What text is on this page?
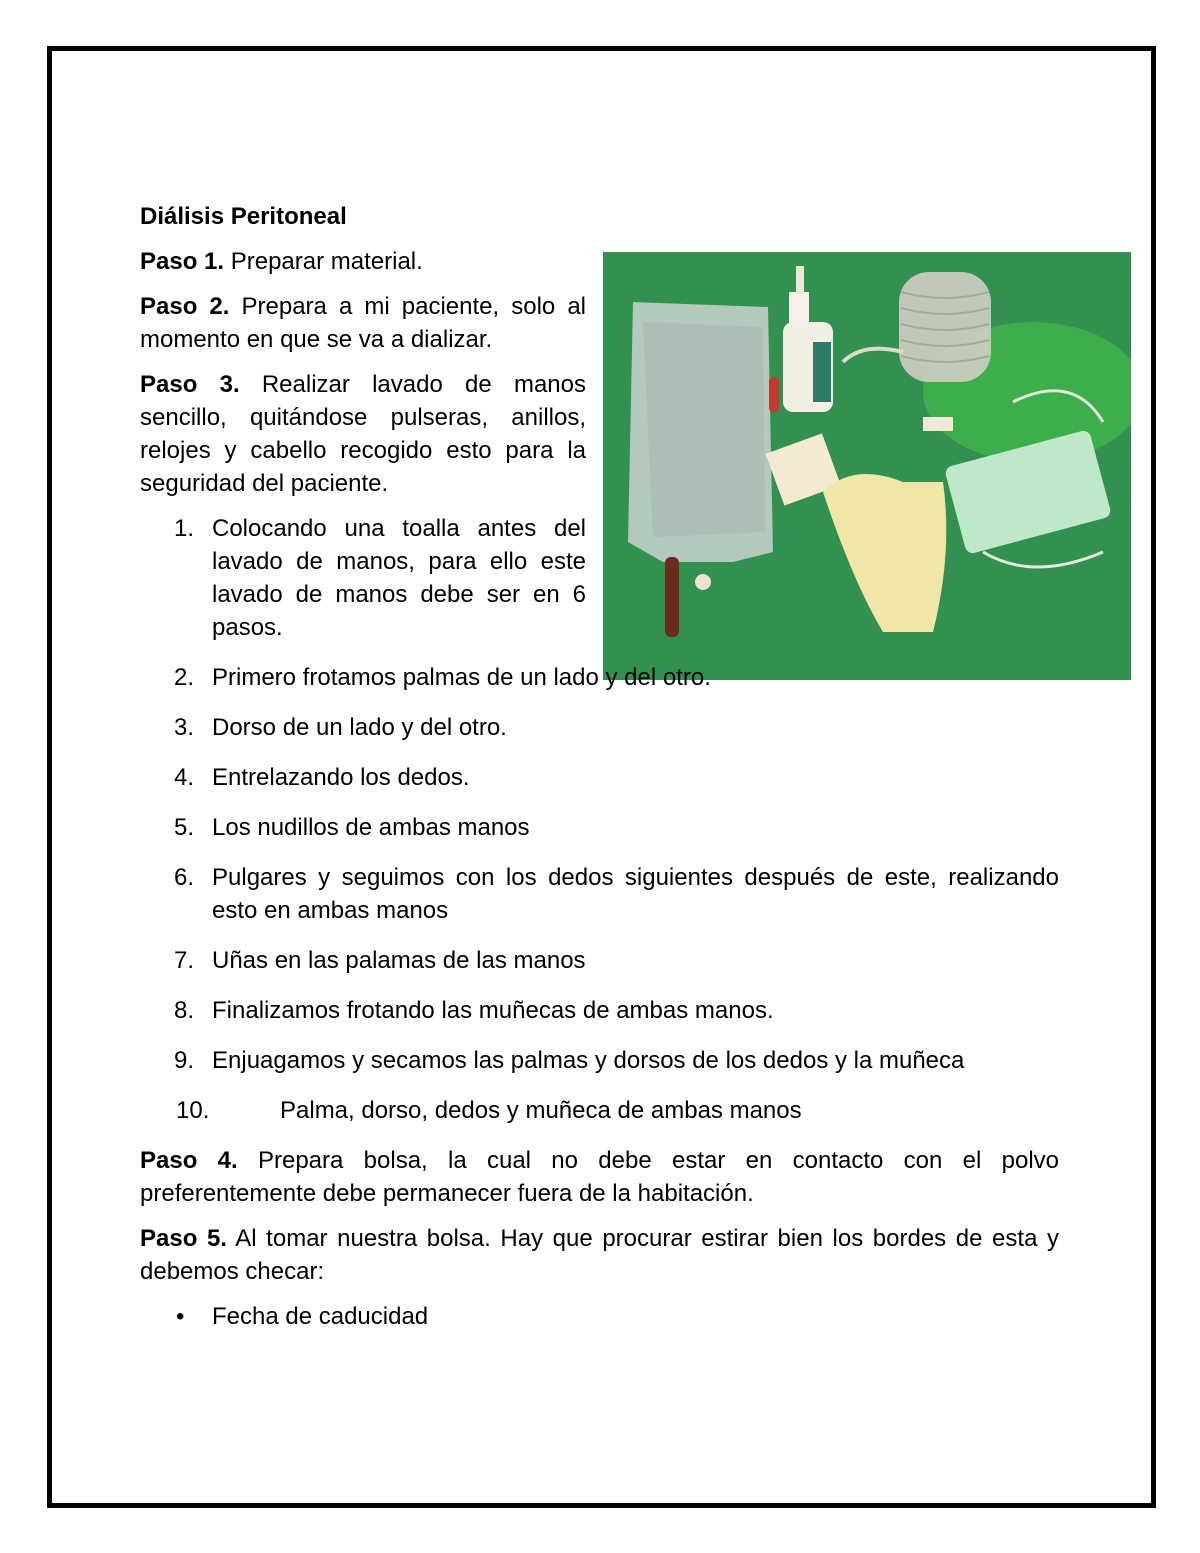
Diálisis Peritoneal

Paso 1. Preparar material.

Paso 2. Prepara a mi paciente, solo al momento en que se va a dializar.

Paso 3. Realizar lavado de manos sencillo, quitándose pulseras, anillos, relojes y cabello recogido esto para la seguridad del paciente.

1. Colocando una toalla antes del lavado de manos, para ello este lavado de manos debe ser en 6 pasos.
2. Primero frotamos palmas de un lado y del otro.
3. Dorso de un lado y del otro.
4. Entrelazando los dedos.
5. Los nudillos de ambas manos
6. Pulgares y seguimos con los dedos siguientes después de este, realizando esto en ambas manos
7. Uñas en las palamas de las manos
8. Finalizamos frotando las muñecas de ambas manos.
9. Enjuagamos y secamos las palmas y dorsos de los dedos y la muñeca
10.	Palma, dorso, dedos y muñeca de ambas manos

Paso 4. Prepara bolsa, la cual no debe estar en contacto con el polvo preferentemente debe permanecer fuera de la habitación.

Paso 5. Al tomar nuestra bolsa. Hay que procurar estirar bien los bordes de esta y debemos checar:

• Fecha de caducidad
